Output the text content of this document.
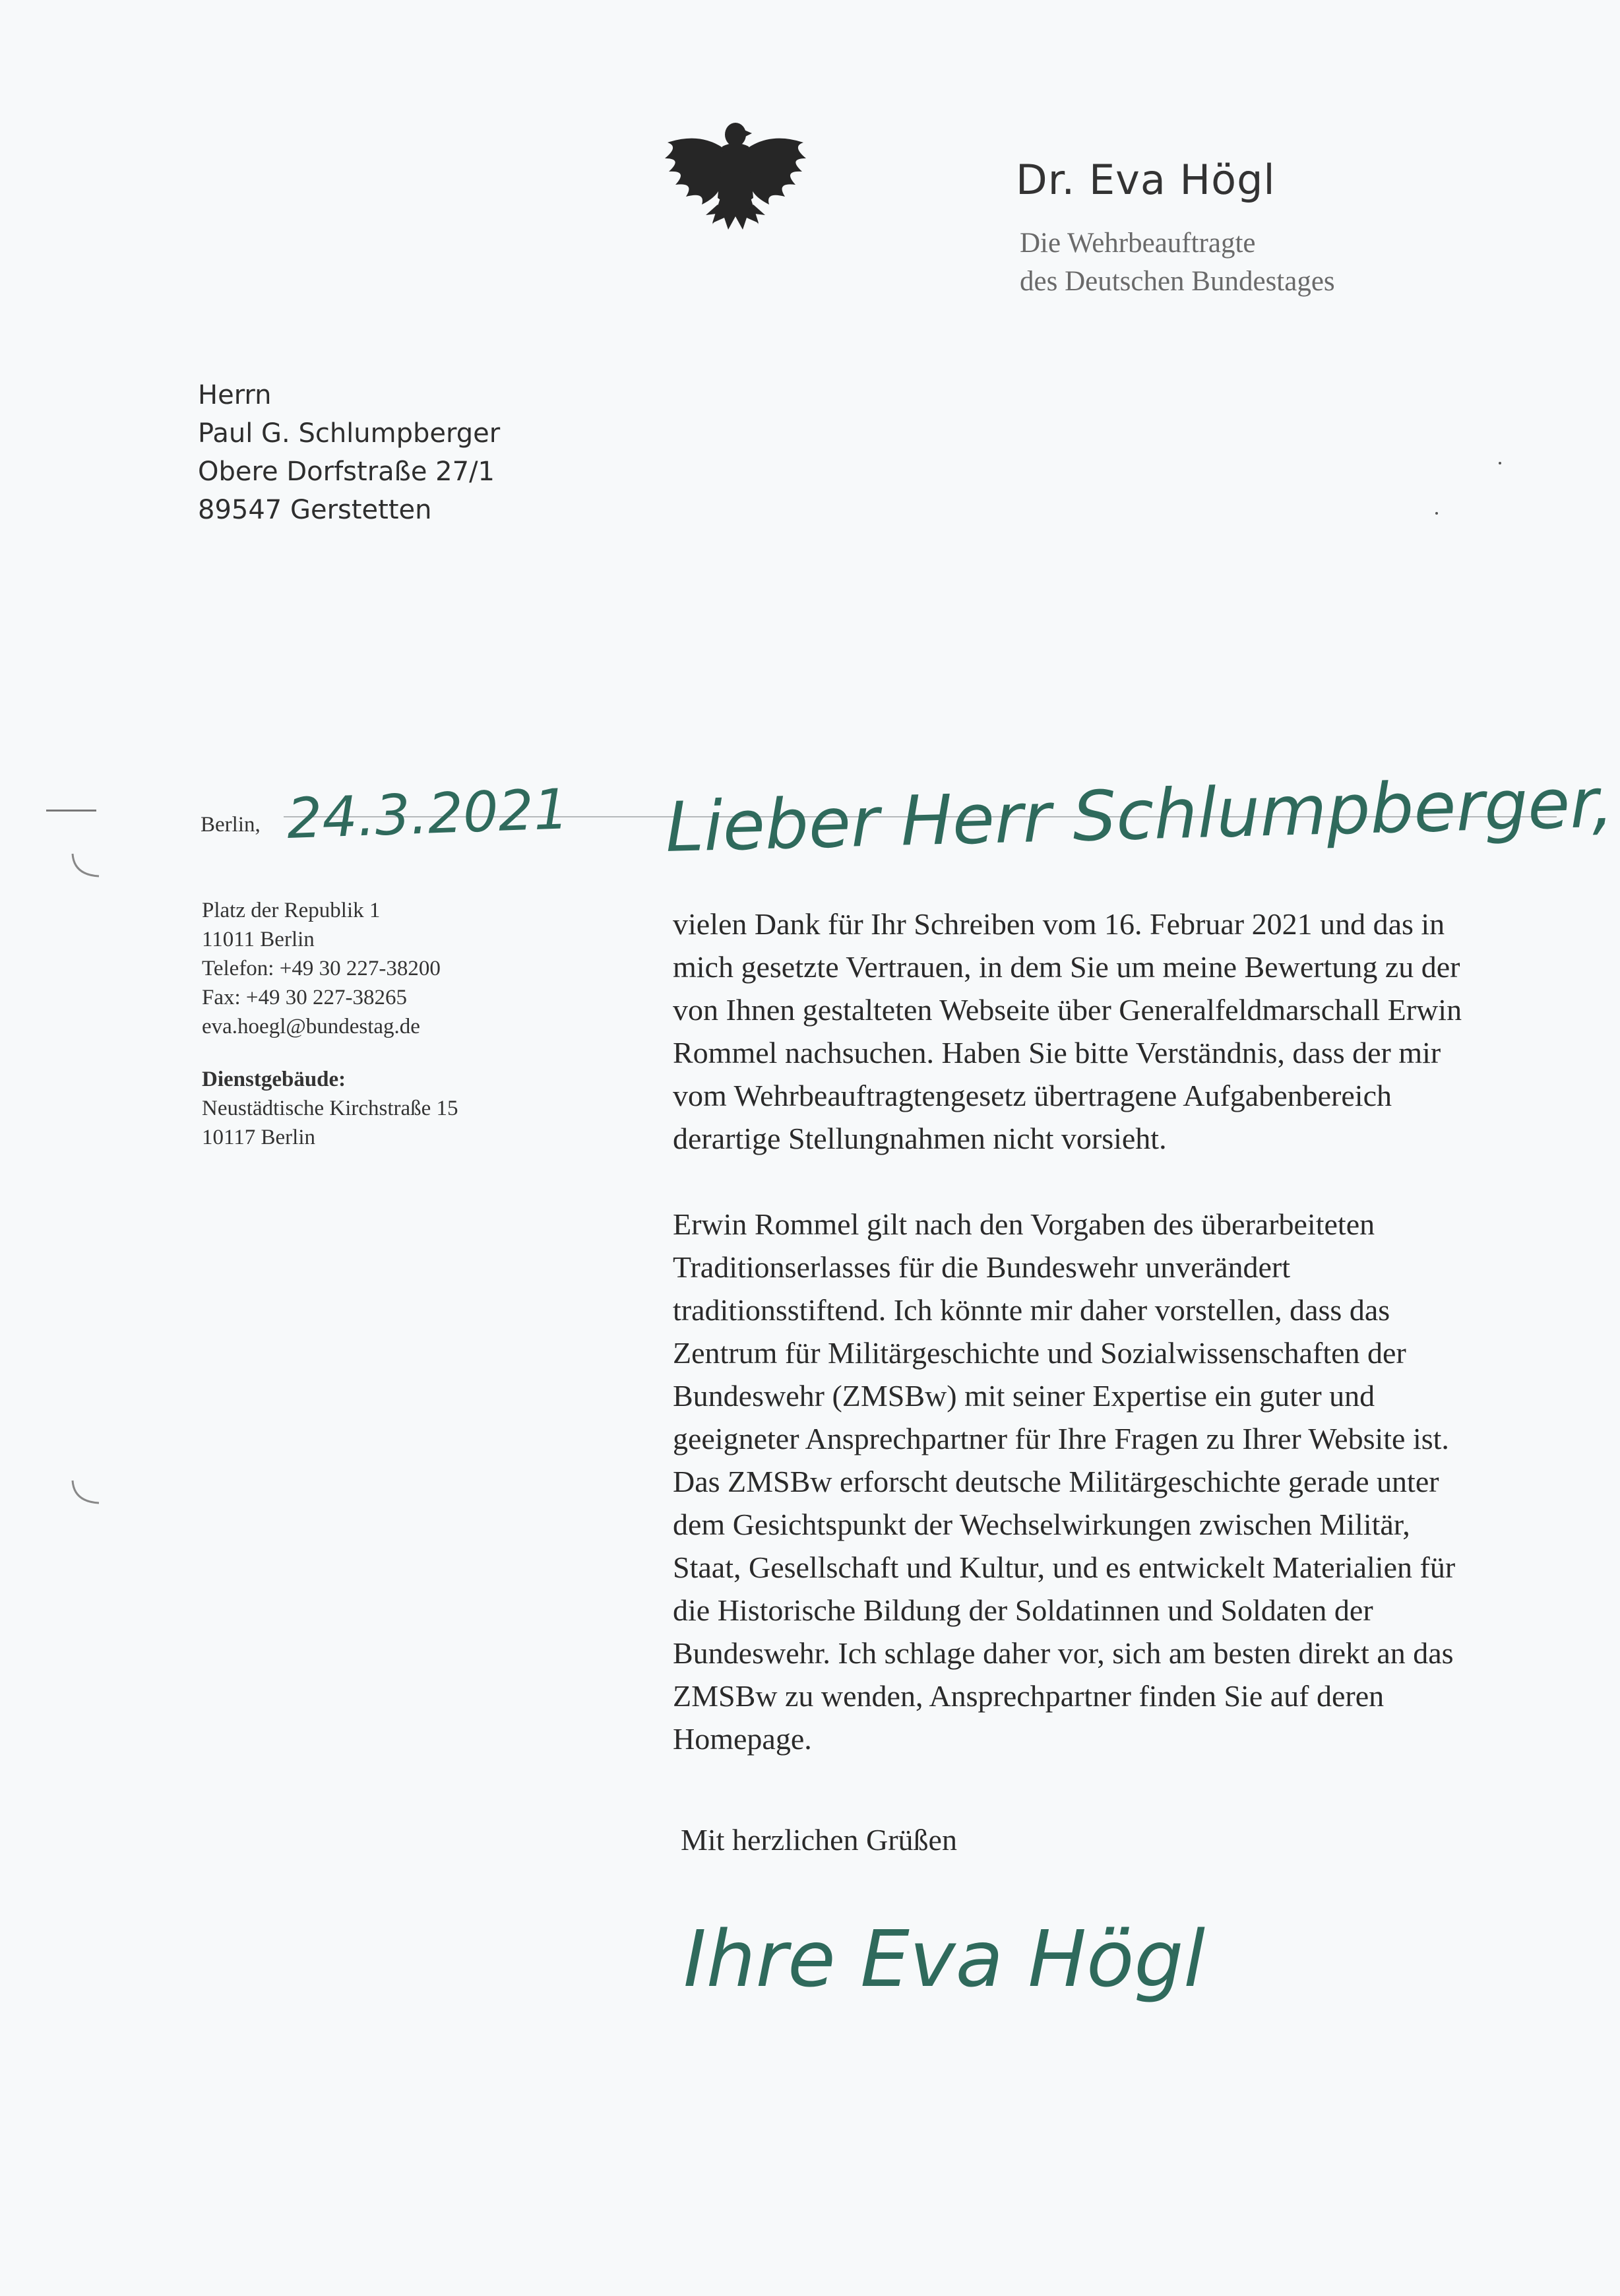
Dr. Eva Högl
Die Wehrbeauftragte
des Deutschen Bundestages
Herrn
Paul G. Schlumpberger
Obere Dorfstraße 27/1
89547 Gerstetten
Berlin, 24.3.2021 Lieber Herr Schlumpberger,
Ihre Eva Högl
Platz der Republik 1
11011 Berlin
Telefon: +49 30 227-38200
Fax: +49 30 227-38265
eva.hoegl@bundestag.de
Dienstgebäude:
Neustädtische Kirchstraße 15
10117 Berlin
vielen Dank für Ihr Schreiben vom 16. Februar 2021 und das in
mich gesetzte Vertrauen, in dem Sie um meine Bewertung zu der
von Ihnen gestalteten Webseite über Generalfeldmarschall Erwin
Rommel nachsuchen. Haben Sie bitte Verständnis, dass der mir
vom Wehrbeauftragtengesetz übertragene Aufgabenbereich
derartige Stellungnahmen nicht vorsieht.
Erwin Rommel gilt nach den Vorgaben des überarbeiteten
Traditionserlasses für die Bundeswehr unverändert
traditionsstiftend. Ich könnte mir daher vorstellen, dass das
Zentrum für Militärgeschichte und Sozialwissenschaften der
Bundeswehr (ZMSBw) mit seiner Expertise ein guter und
geeigneter Ansprechpartner für Ihre Fragen zu Ihrer Website ist.
Das ZMSBw erforscht deutsche Militärgeschichte gerade unter
dem Gesichtspunkt der Wechselwirkungen zwischen Militär,
Staat, Gesellschaft und Kultur, und es entwickelt Materialien für
die Historische Bildung der Soldatinnen und Soldaten der
Bundeswehr. Ich schlage daher vor, sich am besten direkt an das
ZMSBw zu wenden, Ansprechpartner finden Sie auf deren
Homepage.
Mit herzlichen Grüßen
